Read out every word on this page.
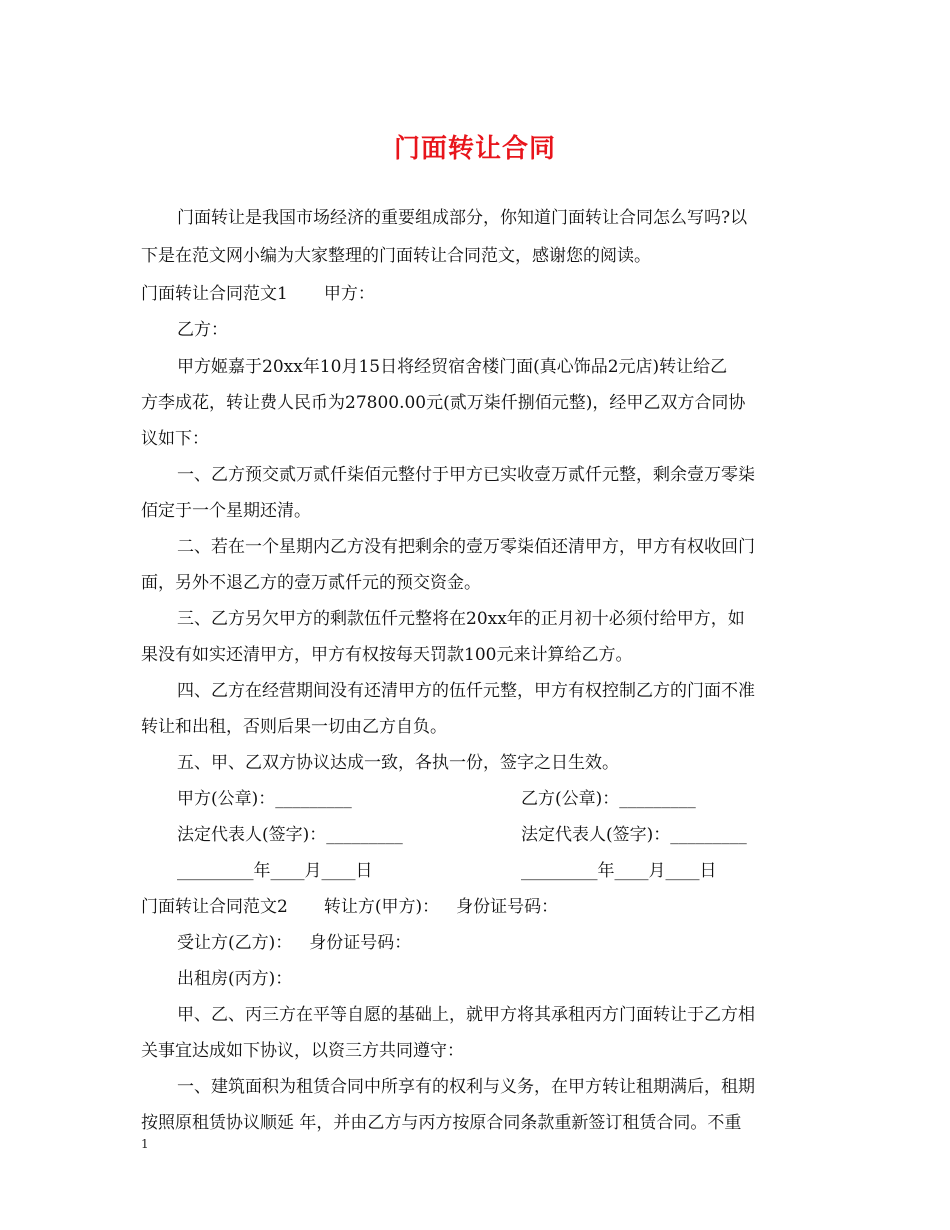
门面转让合同
门面转让是我国市场经济的重要组成部分，你知道门面转让合同怎么写吗?以
下是在范文网小编为大家整理的门面转让合同范文，感谢您的阅读。
门面转让合同范文1 甲方：
乙方：
甲方姬嘉于20xx年10月15日将经贸宿舍楼门面(真心饰品2元店)转让给乙
方李成花，转让费人民币为27800.00元(贰万柒仟捌佰元整)，经甲乙双方合同协
议如下：
一、乙方预交贰万贰仟柒佰元整付于甲方已实收壹万贰仟元整，剩余壹万零柒
佰定于一个星期还清。
二、若在一个星期内乙方没有把剩余的壹万零柒佰还清甲方，甲方有权收回门
面，另外不退乙方的壹万贰仟元的预交资金。
三、乙方另欠甲方的剩款伍仟元整将在20xx年的正月初十必须付给甲方，如
果没有如实还清甲方，甲方有权按每天罚款100元来计算给乙方。
四、乙方在经营期间没有还清甲方的伍仟元整，甲方有权控制乙方的门面不准
转让和出租，否则后果一切由乙方自负。
五、甲、乙双方协议达成一致，各执一份，签字之日生效。
甲方(公章)：_________	乙方(公章)：_________
法定代表人(签字)：_________	法定代表人(签字)：_________
_________年____月____日	_________年____月____日
门面转让合同范文2 转让方(甲方)： 身份证号码：
受让方(乙方)： 身份证号码：
出租房(丙方)：
甲、乙、丙三方在平等自愿的基础上，就甲方将其承租丙方门面转让于乙方相
关事宜达成如下协议，以资三方共同遵守：
一、建筑面积为租赁合同中所享有的权利与义务，在甲方转让租期满后，租期
按照原租赁协议顺延 年，并由乙方与丙方按原合同条款重新签订租赁合同。不重
1
